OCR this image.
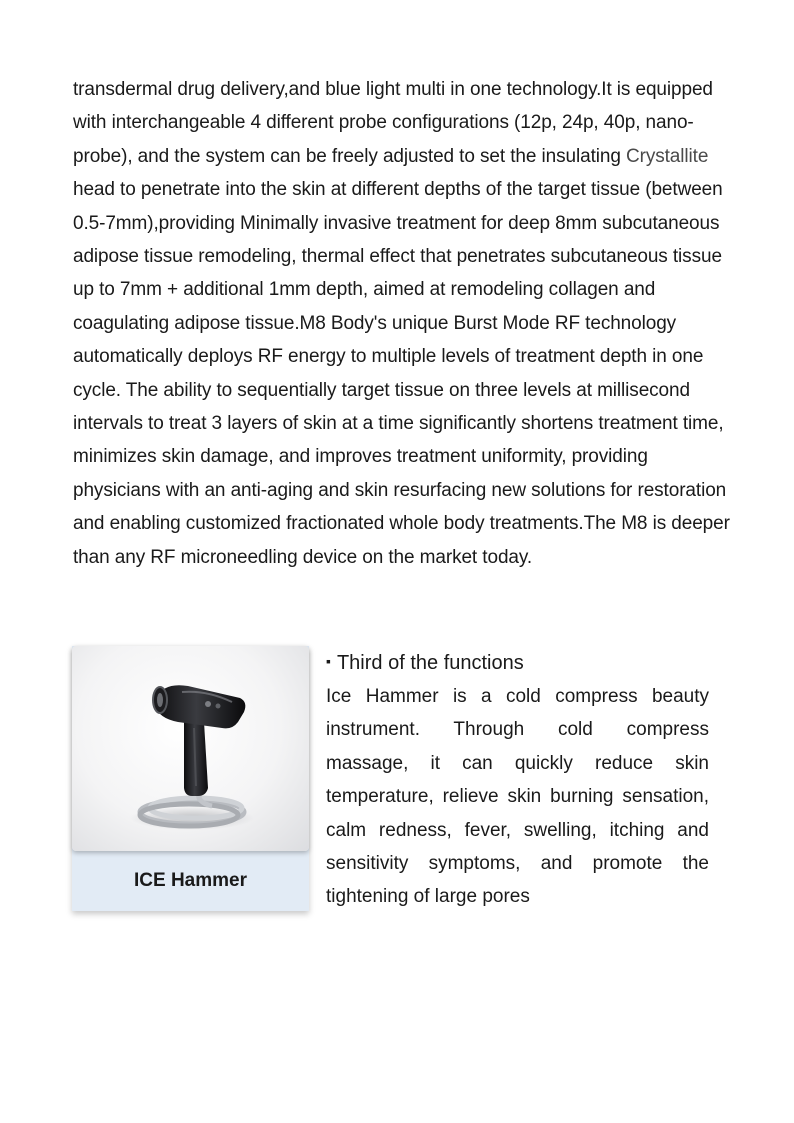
transdermal drug delivery,and blue light multi in one technology.It is equipped with interchangeable 4 different probe configurations (12p, 24p, 40p, nano-probe), and the system can be freely adjusted to set the insulating Crystallite head to penetrate into the skin at different depths of the target tissue (between 0.5-7mm),providing Minimally invasive treatment for deep 8mm subcutaneous adipose tissue remodeling, thermal effect that penetrates subcutaneous tissue up to 7mm + additional 1mm depth, aimed at remodeling collagen and coagulating adipose tissue.M8 Body's unique Burst Mode RF technology automatically deploys RF energy to multiple levels of treatment depth in one cycle. The ability to sequentially target tissue on three levels at millisecond intervals to treat 3 layers of skin at a time significantly shortens treatment time, minimizes skin damage, and improves treatment uniformity, providing physicians with an anti-aging and skin resurfacing new solutions for restoration and enabling customized fractionated whole body treatments.The M8 is deeper than any RF microneedling device on the market today.

ICE Hammer
▪ Third of the functions

Ice Hammer is a cold compress beauty instrument. Through cold compress massage, it can quickly reduce skin temperature, relieve skin burning sensation, calm redness, fever, swelling, itching and sensitivity symptoms, and promote the tightening of large pores
